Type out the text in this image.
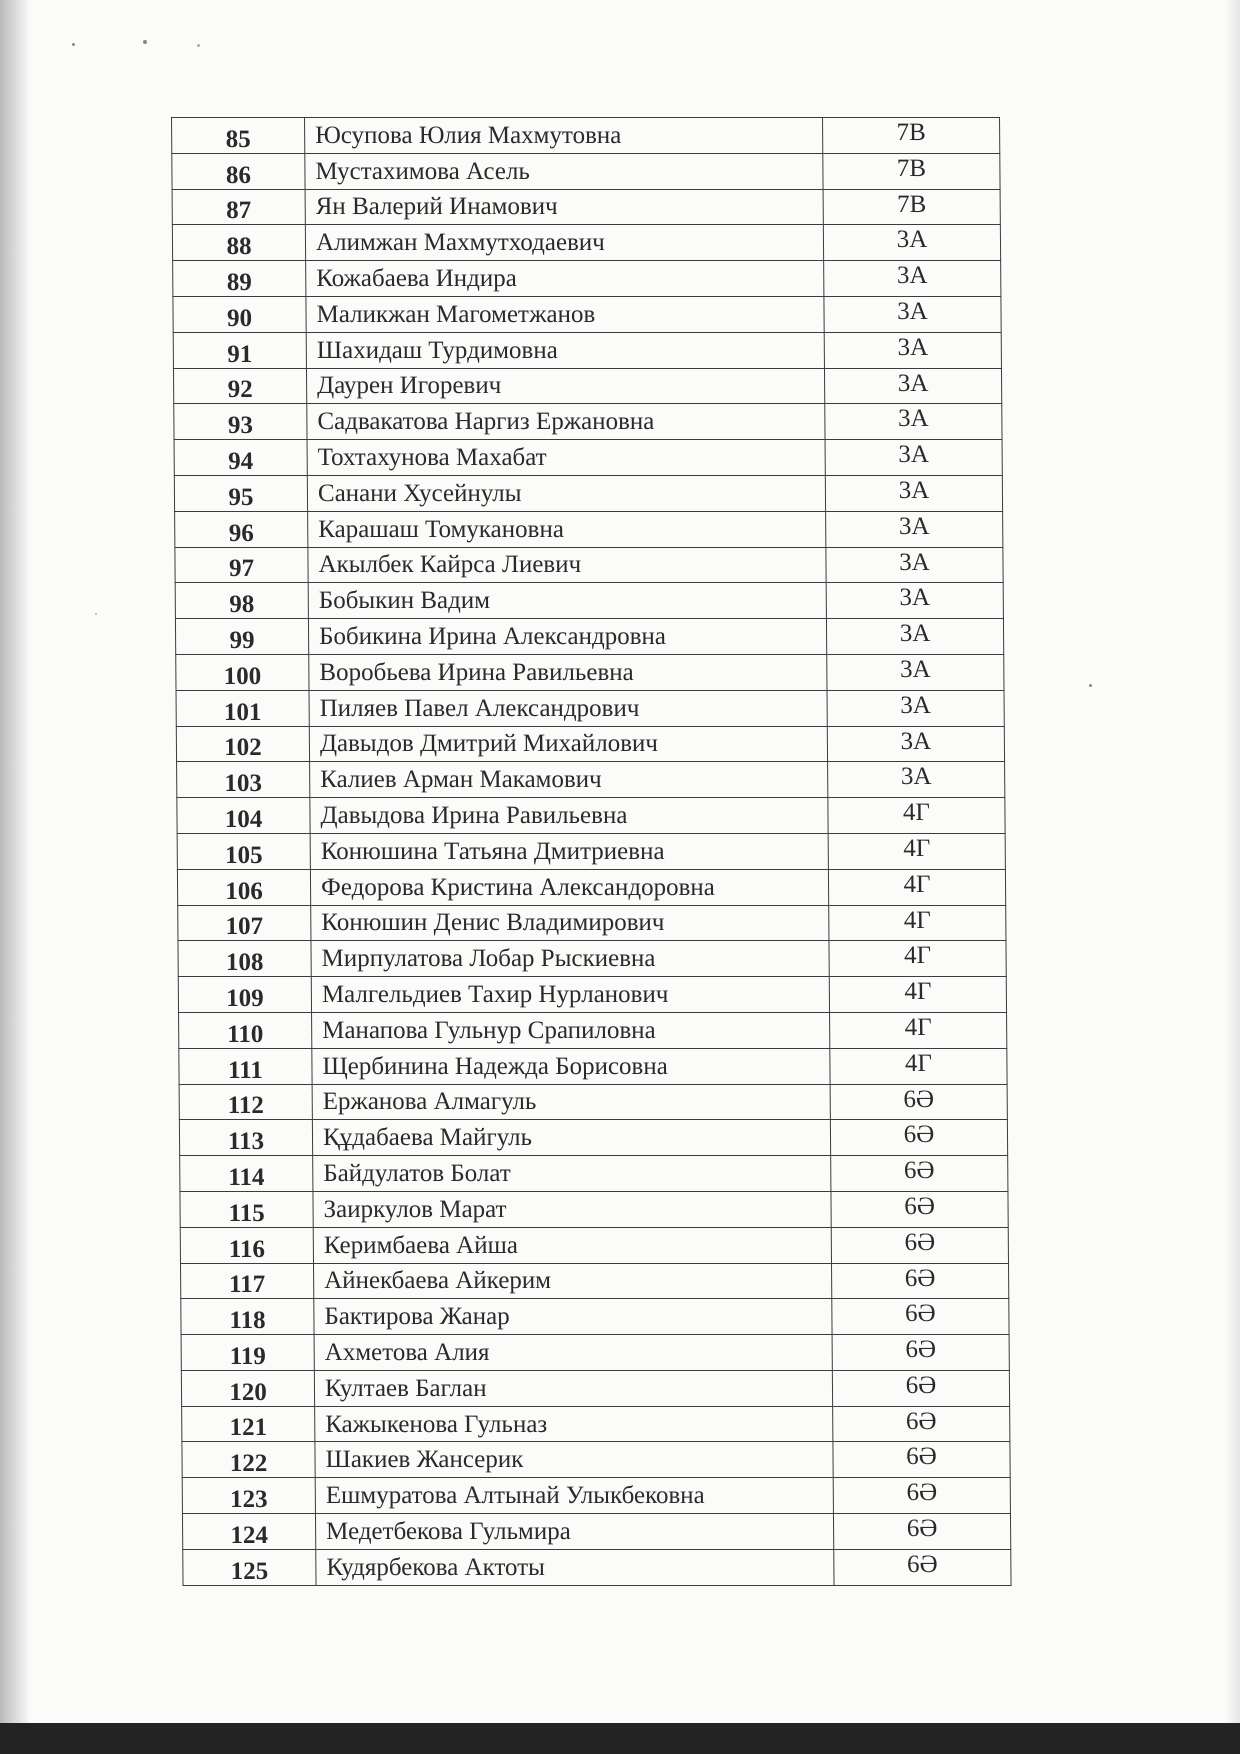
85	Юсупова Юлия Махмутовна	7В
86	Мустахимова Асель	7В
87	Ян Валерий Инамович	7В
88	Алимжан Махмутходаевич	3А
89	Кожабаева Индира	3А
90	Маликжан Магометжанов	3А
91	Шахидаш Турдимовна	3А
92	Даурен Игоревич	3А
93	Садвакатова Наргиз Ержановна	3А
94	Тохтахунова Махабат	3А
95	Санани Хусейнулы	3А
96	Карашаш Томукановна	3А
97	Акылбек Кайрса Лиевич	3А
98	Бобыкин Вадим	3А
99	Бобикина Ирина Александровна	3А
100	Воробьева Ирина Равильевна	3А
101	Пиляев Павел Александрович	3А
102	Давыдов Дмитрий Михайлович	3А
103	Калиев Арман Макамович	3А
104	Давыдова Ирина Равильевна	4Г
105	Конюшина Татьяна Дмитриевна	4Г
106	Федорова Кристина Александоровна	4Г
107	Конюшин Денис Владимирович	4Г
108	Мирпулатова Лобар Рыскиевна	4Г
109	Малгельдиев Тахир Нурланович	4Г
110	Манапова Гульнур Срапиловна	4Г
111	Щербинина Надежда Борисовна	4Г
112	Ержанова Алмагуль	6Ә
113	Құдабаева Майгуль	6Ә
114	Байдулатов Болат	6Ә
115	Заиркулов Марат	6Ә
116	Керимбаева Айша	6Ә
117	Айнекбаева Айкерим	6Ә
118	Бактирова Жанар	6Ә
119	Ахметова Алия	6Ә
120	Култаев Баглан	6Ә
121	Кажыкенова Гульназ	6Ә
122	Шакиев Жансерик	6Ә
123	Ешмуратова Алтынай Улыкбековна	6Ә
124	Медетбекова Гульмира	6Ә
125	Кудярбекова Актоты	6Ә
